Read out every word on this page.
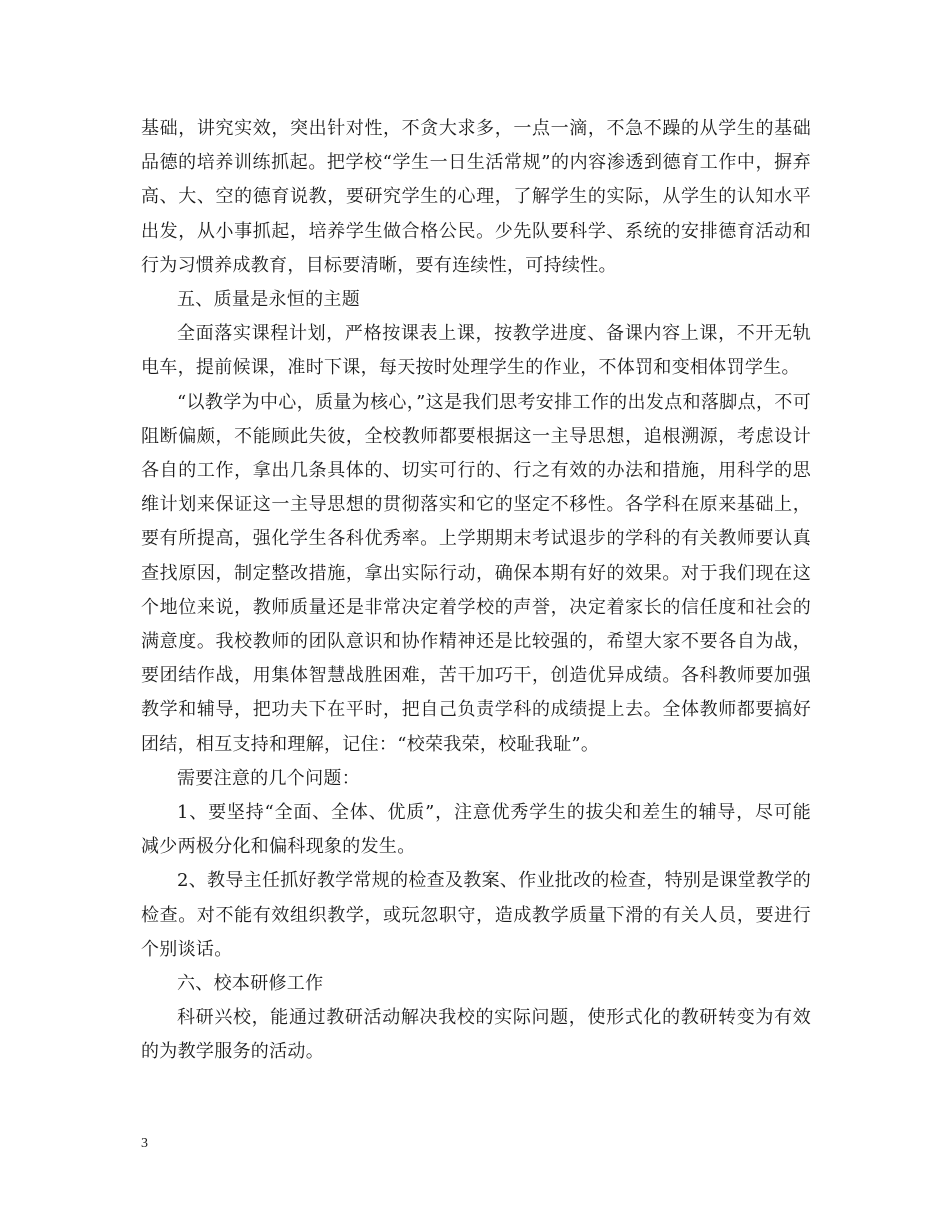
基础，讲究实效，突出针对性，不贪大求多，一点一滴，不急不躁的从学生的基础品德的培养训练抓起。把学校“学生一日生活常规”的内容渗透到德育工作中，摒弃高、大、空的德育说教，要研究学生的心理，了解学生的实际，从学生的认知水平出发，从小事抓起，培养学生做合格公民。少先队要科学、系统的安排德育活动和行为习惯养成教育，目标要清晰，要有连续性，可持续性。

五、质量是永恒的主题

全面落实课程计划，严格按课表上课，按教学进度、备课内容上课，不开无轨电车，提前候课，准时下课，每天按时处理学生的作业，不体罚和变相体罚学生。

“以教学为中心，质量为核心，”这是我们思考安排工作的出发点和落脚点，不可阻断偏颇，不能顾此失彼，全校教师都要根据这一主导思想，追根溯源，考虑设计各自的工作，拿出几条具体的、切实可行的、行之有效的办法和措施，用科学的思维计划来保证这一主导思想的贯彻落实和它的坚定不移性。各学科在原来基础上，要有所提高，强化学生各科优秀率。上学期期末考试退步的学科的有关教师要认真查找原因，制定整改措施，拿出实际行动，确保本期有好的效果。对于我们现在这个地位来说，教师质量还是非常决定着学校的声誉，决定着家长的信任度和社会的满意度。我校教师的团队意识和协作精神还是比较强的，希望大家不要各自为战，要团结作战，用集体智慧战胜困难，苦干加巧干，创造优异成绩。各科教师要加强教学和辅导，把功夫下在平时，把自己负责学科的成绩提上去。全体教师都要搞好团结，相互支持和理解，记住：“校荣我荣，校耻我耻”。

需要注意的几个问题：

1、要坚持“全面、全体、优质”，注意优秀学生的拔尖和差生的辅导，尽可能减少两极分化和偏科现象的发生。

2、教导主任抓好教学常规的检查及教案、作业批改的检查，特别是课堂教学的检查。对不能有效组织教学，或玩忽职守，造成教学质量下滑的有关人员，要进行个别谈话。

六、校本研修工作

科研兴校，能通过教研活动解决我校的实际问题，使形式化的教研转变为有效的为教学服务的活动。

3
